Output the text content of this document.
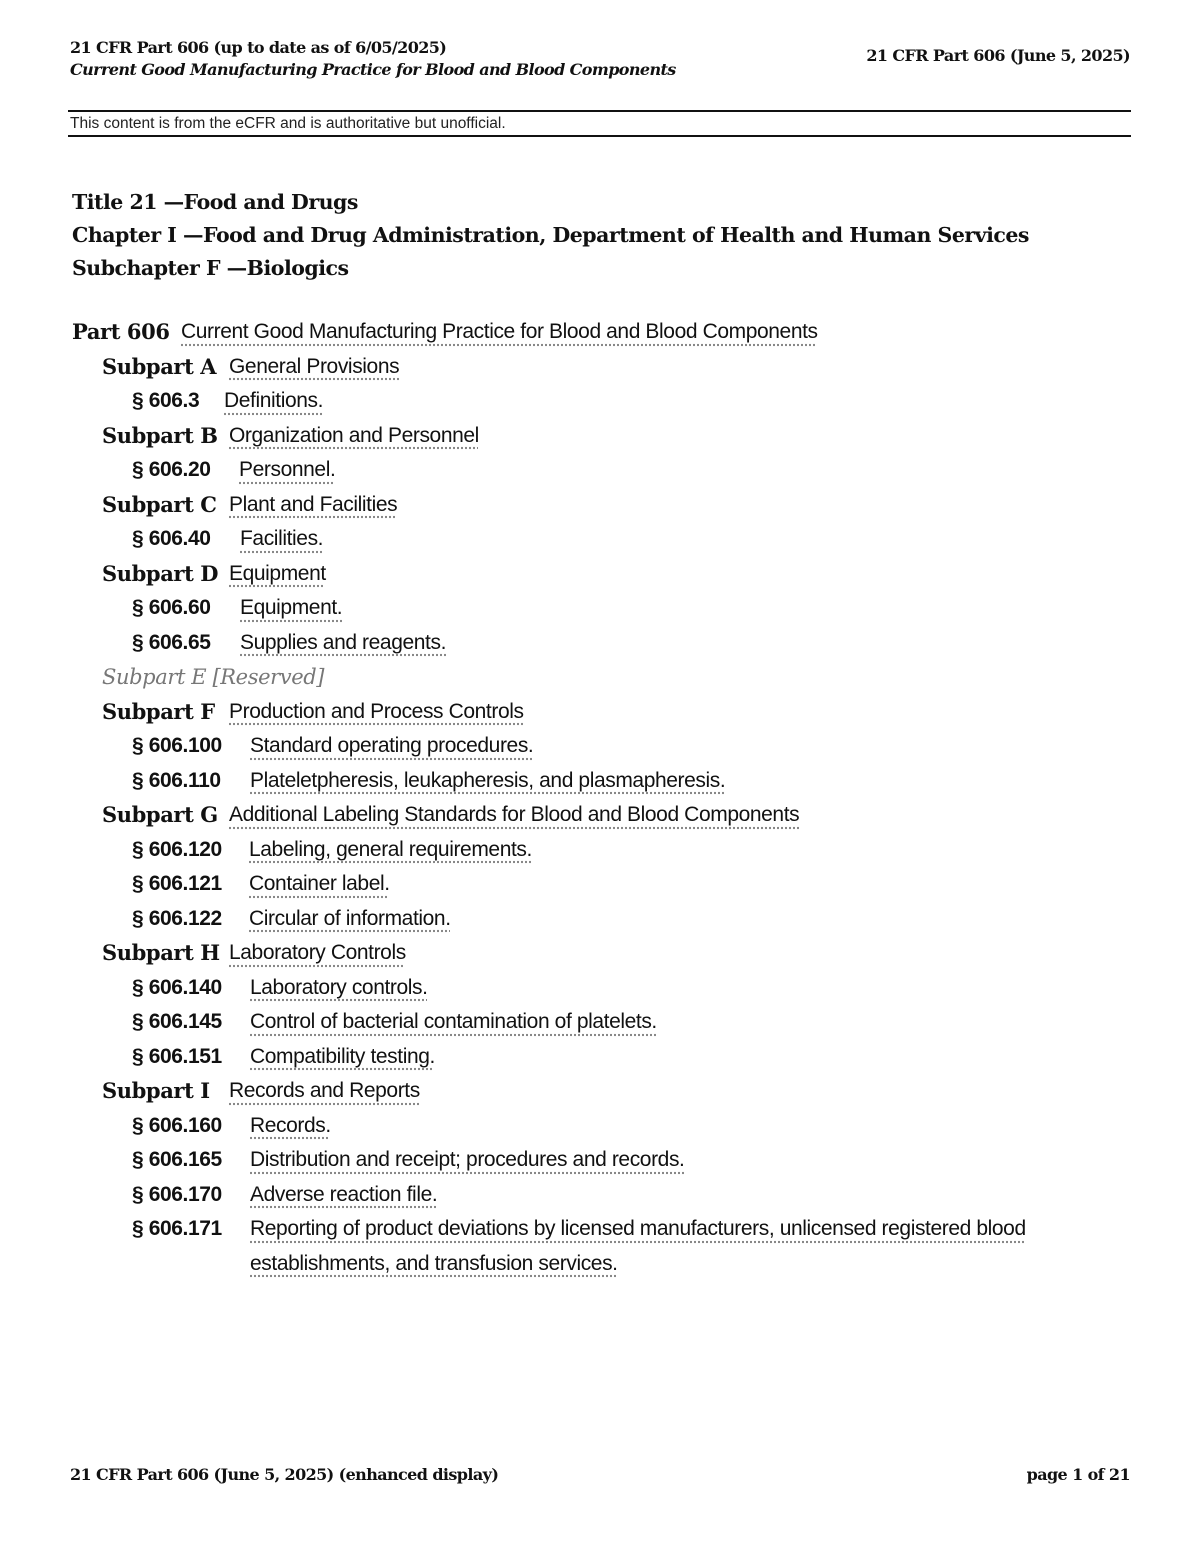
21 CFR Part 606 (up to date as of 6/05/2025)
Current Good Manufacturing Practice for Blood and Blood Components
21 CFR Part 606 (June 5, 2025)
This content is from the eCFR and is authoritative but unofficial.
Title 21 —Food and Drugs
Chapter I —Food and Drug Administration, Department of Health and Human Services
Subchapter F —Biologics
Part 606 Current Good Manufacturing Practice for Blood and Blood Components
Subpart A General Provisions
§ 606.3 Definitions.
Subpart B Organization and Personnel
§ 606.20 Personnel.
Subpart C Plant and Facilities
§ 606.40 Facilities.
Subpart D Equipment
§ 606.60 Equipment.
§ 606.65 Supplies and reagents.
Subpart E [Reserved]
Subpart F Production and Process Controls
§ 606.100 Standard operating procedures.
§ 606.110 Plateletpheresis, leukapheresis, and plasmapheresis.
Subpart G Additional Labeling Standards for Blood and Blood Components
§ 606.120 Labeling, general requirements.
§ 606.121 Container label.
§ 606.122 Circular of information.
Subpart H Laboratory Controls
§ 606.140 Laboratory controls.
§ 606.145 Control of bacterial contamination of platelets.
§ 606.151 Compatibility testing.
Subpart I Records and Reports
§ 606.160 Records.
§ 606.165 Distribution and receipt; procedures and records.
§ 606.170 Adverse reaction file.
§ 606.171 Reporting of product deviations by licensed manufacturers, unlicensed registered blood establishments, and transfusion services.
21 CFR Part 606 (June 5, 2025) (enhanced display)	page 1 of 21
